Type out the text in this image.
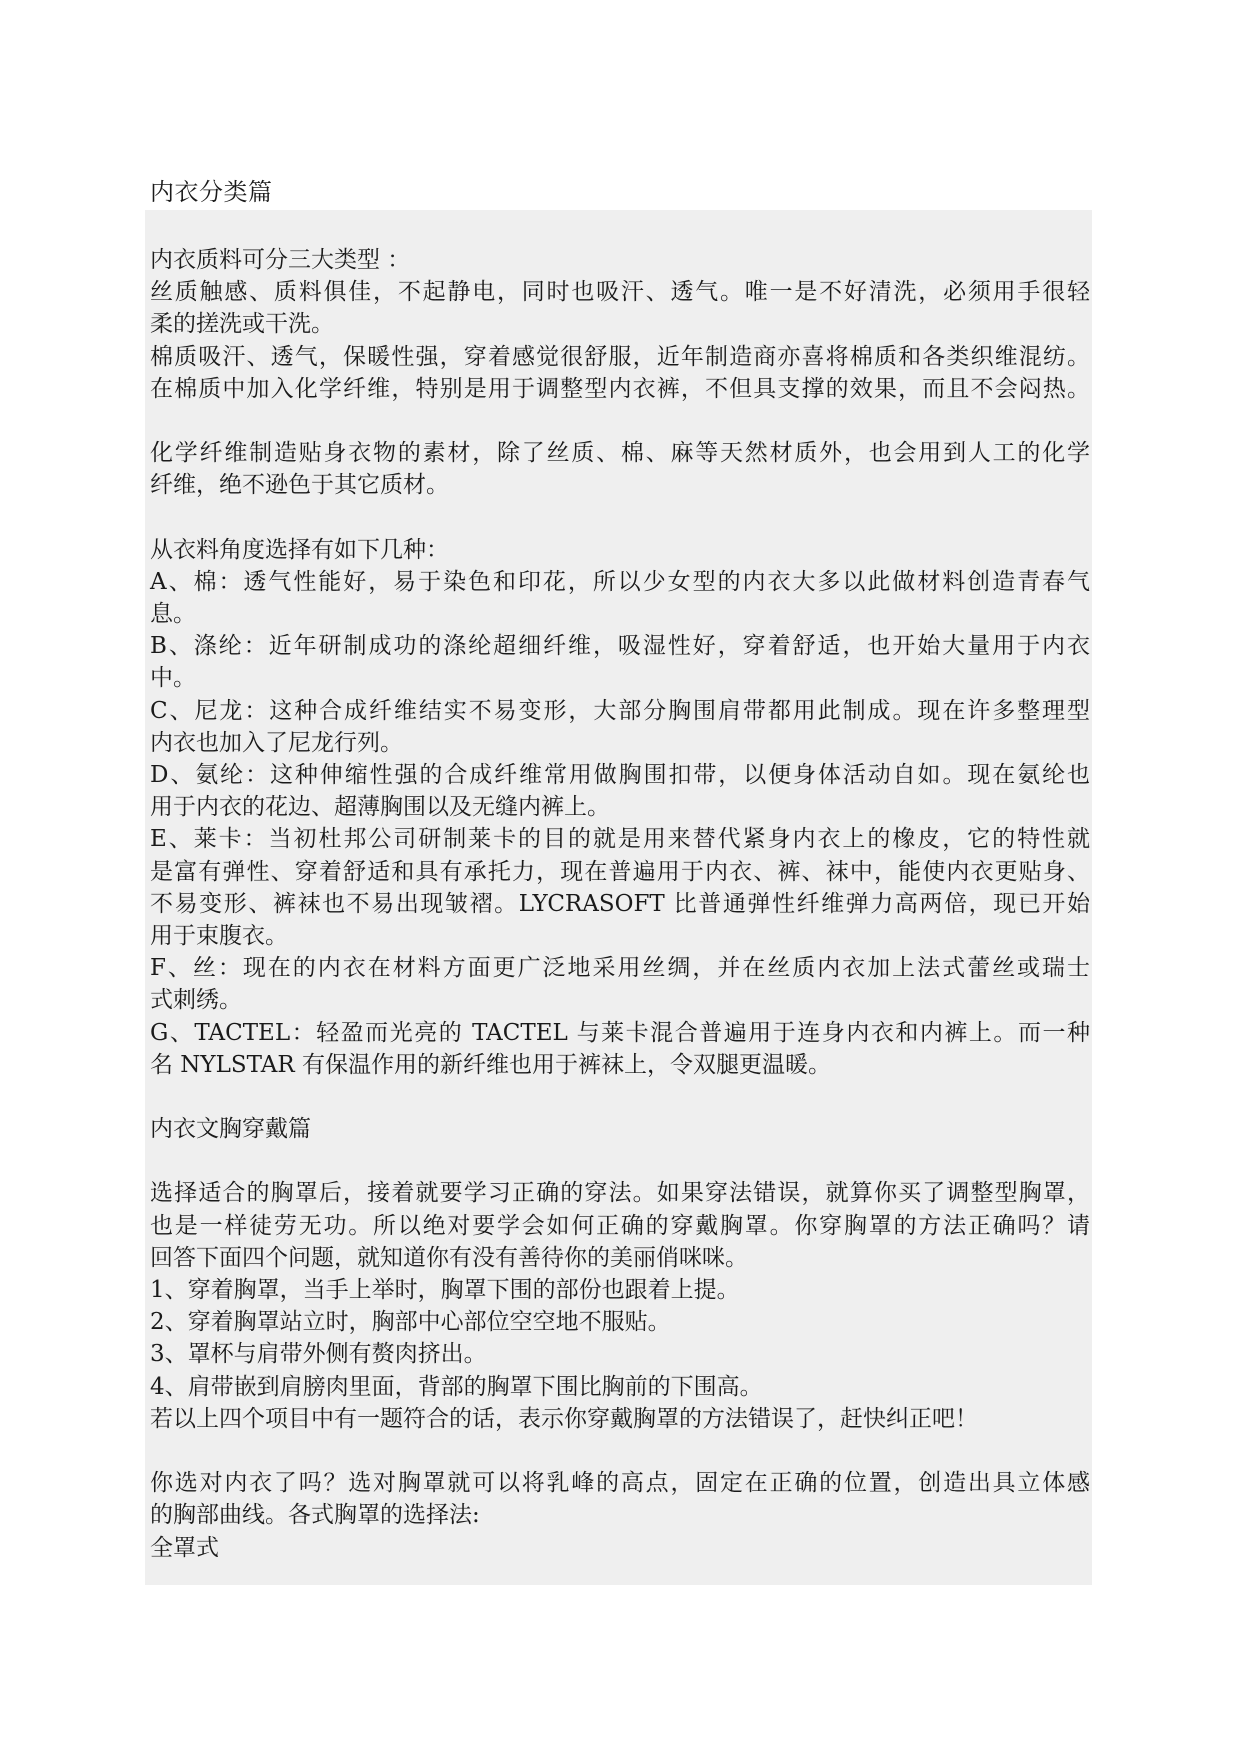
内衣分类篇
内衣质料可分三大类型 ：
丝质触感、质料俱佳，不起静电，同时也吸汗、透气。唯一是不好清洗，必须用手很轻
柔的搓洗或干洗。
棉质吸汗、透气，保暖性强，穿着感觉很舒服，近年制造商亦喜将棉质和各类织维混纺。
在棉质中加入化学纤维，特别是用于调整型内衣裤，不但具支撑的效果，而且不会闷热。
化学纤维制造贴身衣物的素材，除了丝质、棉、麻等天然材质外，也会用到人工的化学
纤维，绝不逊色于其它质材。
从衣料角度选择有如下几种：
A、棉：透气性能好，易于染色和印花，所以少女型的内衣大多以此做材料创造青春气
息。
B、涤纶：近年研制成功的涤纶超细纤维，吸湿性好，穿着舒适，也开始大量用于内衣
中。
C、尼龙：这种合成纤维结实不易变形，大部分胸围肩带都用此制成。现在许多整理型
内衣也加入了尼龙行列。
D、氨纶：这种伸缩性强的合成纤维常用做胸围扣带，以便身体活动自如。现在氨纶也
用于内衣的花边、超薄胸围以及无缝内裤上。
E、莱卡：当初杜邦公司研制莱卡的目的就是用来替代紧身内衣上的橡皮，它的特性就
是富有弹性、穿着舒适和具有承托力，现在普遍用于内衣、裤、袜中，能使内衣更贴身、
不易变形、裤袜也不易出现皱褶。LYCRASOFT 比普通弹性纤维弹力高两倍，现已开始
用于束腹衣。
F、丝：现在的内衣在材料方面更广泛地采用丝绸，并在丝质内衣加上法式蕾丝或瑞士
式刺绣。
G、TACTEL：轻盈而光亮的 TACTEL 与莱卡混合普遍用于连身内衣和内裤上。而一种
名 NYLSTAR 有保温作用的新纤维也用于裤袜上，令双腿更温暖。
内衣文胸穿戴篇
选择适合的胸罩后，接着就要学习正确的穿法。如果穿法错误，就算你买了调整型胸罩，
也是一样徒劳无功。所以绝对要学会如何正确的穿戴胸罩。你穿胸罩的方法正确吗？请
回答下面四个问题，就知道你有没有善待你的美丽俏咪咪。
1、穿着胸罩，当手上举时，胸罩下围的部份也跟着上提。
2、穿着胸罩站立时，胸部中心部位空空地不服贴。
3、罩杯与肩带外侧有赘肉挤出。
4、肩带嵌到肩膀肉里面，背部的胸罩下围比胸前的下围高。
若以上四个项目中有一题符合的话，表示你穿戴胸罩的方法错误了，赶快纠正吧！
你选对内衣了吗？选对胸罩就可以将乳峰的高点，固定在正确的位置，创造出具立体感
的胸部曲线。各式胸罩的选择法:
全罩式
